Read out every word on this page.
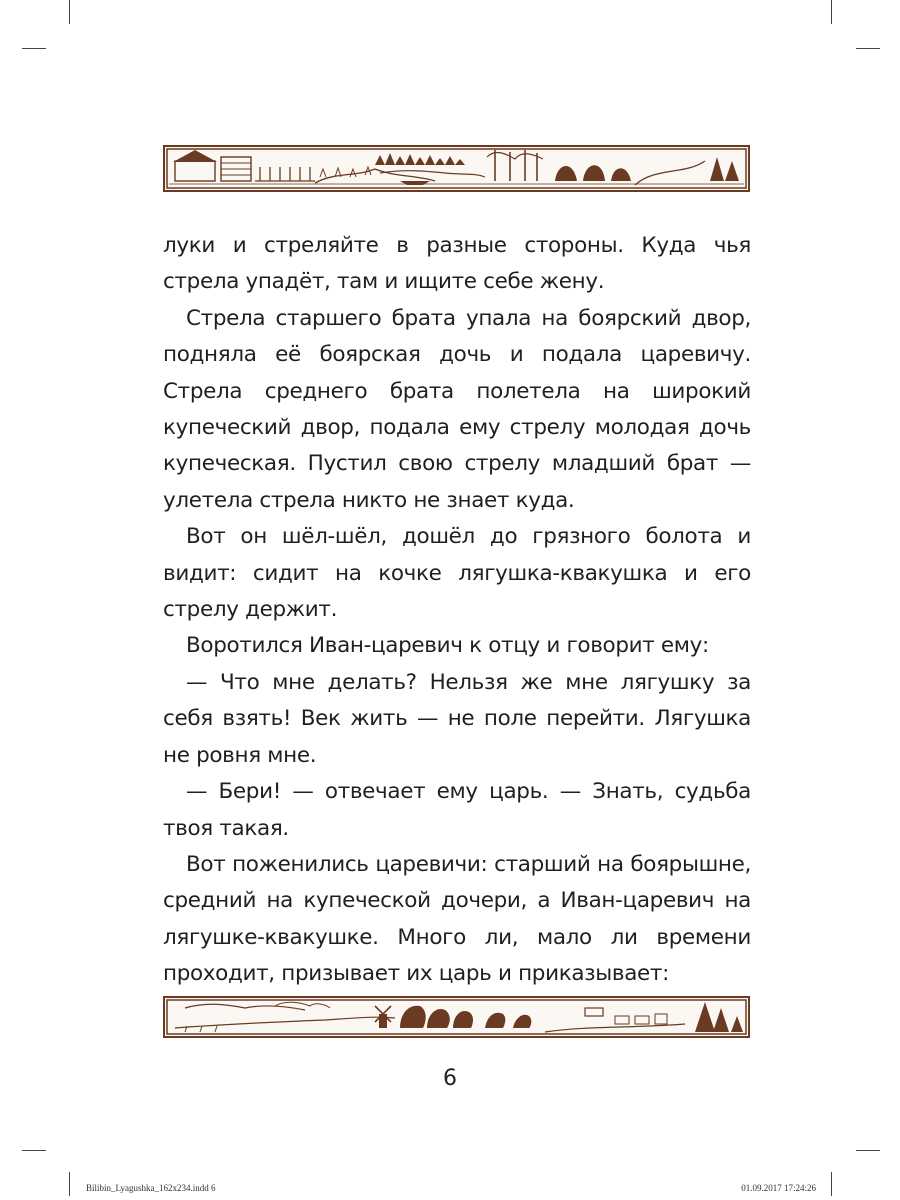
луки и стреляйте в разные стороны. Куда чья стрела упадёт, там и ищите себе жену.

Стрела старшего брата упала на боярский двор, подняла её боярская дочь и подала царевичу. Стрела среднего брата полетела на широкий купеческий двор, подала ему стрелу молодая дочь купеческая. Пустил свою стрелу младший брат — улетела стрела никто не знает куда.

Вот он шёл-шёл, дошёл до грязного болота и видит: сидит на кочке лягушка-квакушка и его стрелу держит.

Воротился Иван-царевич к отцу и говорит ему:

— Что мне делать? Нельзя же мне лягушку за себя взять! Век жить — не поле перейти. Лягушка не ровня мне.

— Бери! — отвечает ему царь. — Знать, судьба твоя такая.

Вот поженились царевичи: старший на боярышне, средний на купеческой дочери, а Иван-царевич на лягушке-квакушке. Много ли, мало ли времени проходит, призывает их царь и приказывает:

6
Bilibin_Lyagushka_162x234.indd 6	01.09.2017 17:24:26
